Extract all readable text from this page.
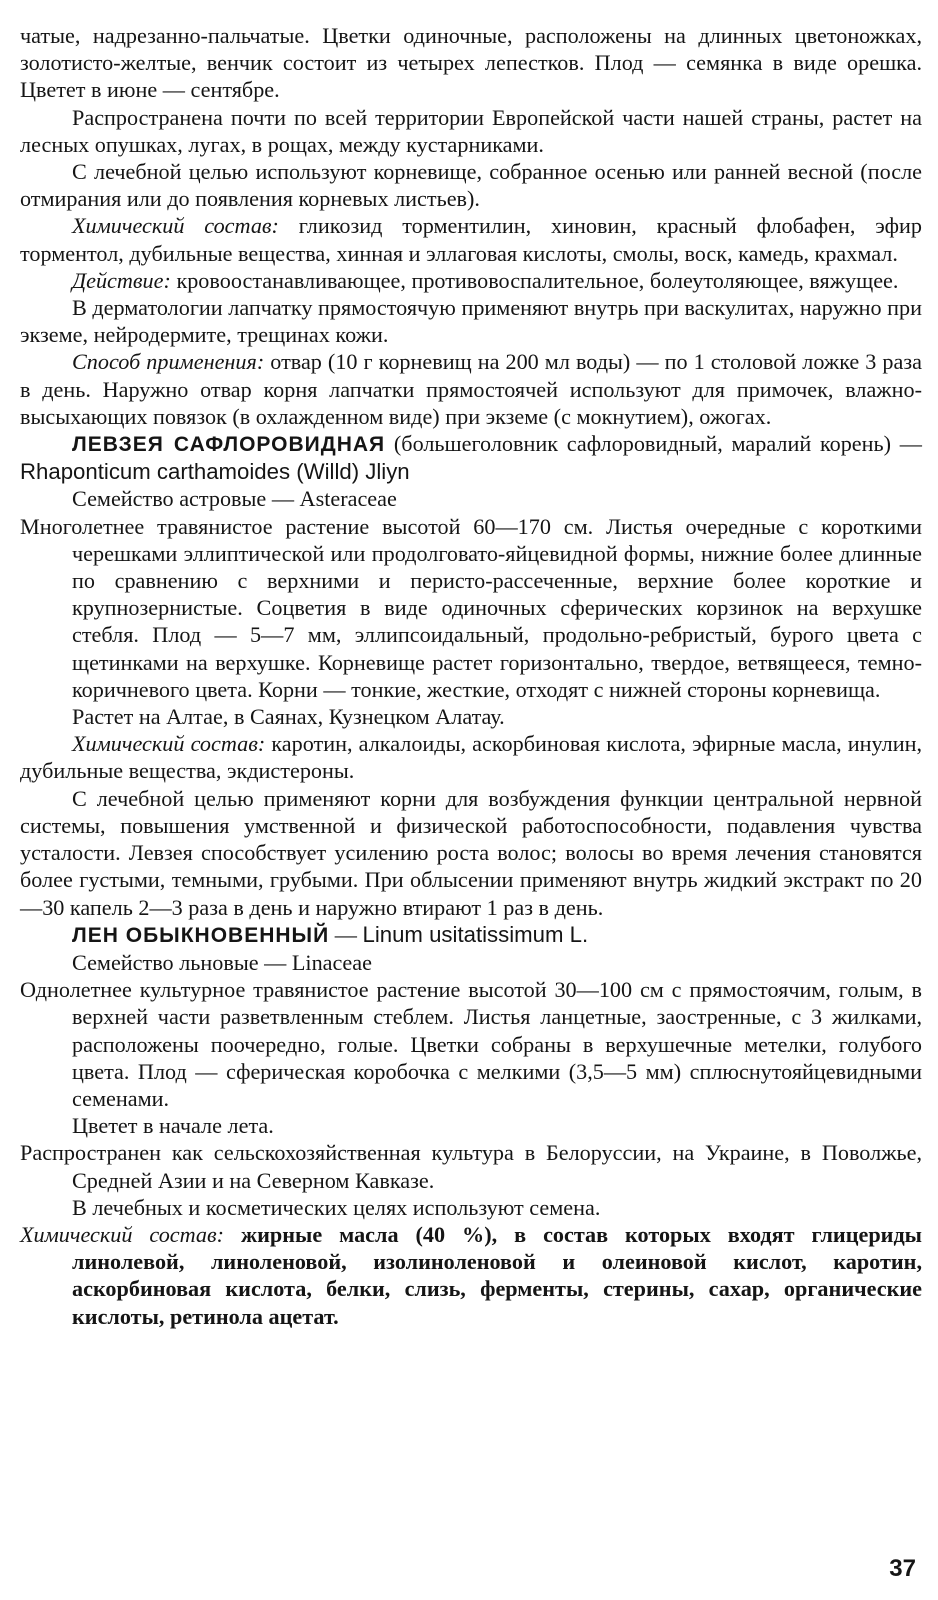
чатые, надрезанно-пальчатые. Цветки одиночные, расположены на длинных цветоножках, золотисто-желтые, венчик состоит из четырех лепестков. Плод — семянка в виде орешка. Цветет в июне — сентябре.

Распространена почти по всей территории Европейской части нашей страны, растет на лесных опушках, лугах, в рощах, между кустарниками.

С лечебной целью используют корневище, собранное осенью или ранней весной (после отмирания или до появления корневых листьев).

Химический состав: гликозид торментилин, хиновин, красный флобафен, эфир торментол, дубильные вещества, хинная и эллаговая кислоты, смолы, воск, камедь, крахмал.

Действие: кровоостанавливающее, противовоспалительное, болеутоляющее, вяжущее.

В дерматологии лапчатку прямостоячую применяют внутрь при васкулитах, наружно при экземе, нейродермите, трещинах кожи.

Способ применения: отвар (10 г корневищ на 200 мл воды) — по 1 столовой ложке 3 раза в день. Наружно отвар корня лапчатки прямостоячей используют для примочек, влажно-высыхающих повязок (в охлажденном виде) при экземе (с мокнутием), ожогах.

ЛЕВЗЕЯ САФЛОРОВИДНАЯ (большеголовник сафлоровидный, маралий корень) — Rhaponticum carthamoides (Willd) Jliyn

Семейство астровые — Asteraceae

Многолетнее травянистое растение высотой 60—170 см. Листья очередные с короткими черешками эллиптической или продолговато-яйцевидной формы, нижние более длинные по сравнению с верхними и перисто-рассеченные, верхние более короткие и крупнозернистые. Соцветия в виде одиночных сферических корзинок на верхушке стебля. Плод — 5—7 мм, эллипсоидальный, продольно-ребристый, бурого цвета с щетинками на верхушке. Корневище растет горизонтально, твердое, ветвящееся, темно-коричневого цвета. Корни — тонкие, жесткие, отходят с нижней стороны корневища.

Растет на Алтае, в Саянах, Кузнецком Алатау.

Химический состав: каротин, алкалоиды, аскорбиновая кислота, эфирные масла, инулин, дубильные вещества, экдистероны.

С лечебной целью применяют корни для возбуждения функции центральной нервной системы, повышения умственной и физической работоспособности, подавления чувства усталости. Левзея способствует усилению роста волос; волосы во время лечения становятся более густыми, темными, грубыми. При облысении применяют внутрь жидкий экстракт по 20—30 капель 2—3 раза в день и наружно втирают 1 раз в день.

ЛЕН ОБЫКНОВЕННЫЙ — Linum usitatissimum L.

Семейство льновые — Linaceae

Однолетнее культурное травянистое растение высотой 30—100 см с прямостоячим, голым, в верхней части разветвленным стеблем. Листья ланцетные, заостренные, с 3 жилками, расположены поочередно, голые. Цветки собраны в верхушечные метелки, голубого цвета. Плод — сферическая коробочка с мелкими (3,5—5 мм) сплюснутояйцевидными семенами.

Цветет в начале лета.

Распространен как сельскохозяйственная культура в Белоруссии, на Украине, в Поволжье, Средней Азии и на Северном Кавказе.

В лечебных и косметических целях используют семена.

Химический состав: жирные масла (40 %), в состав которых входят глицериды линолевой, линоленовой, изолиноленовой и олеиновой кислот, каротин, аскорбиновая кислота, белки, слизь, ферменты, стерины, сахар, органические кислоты, ретинола ацетат.

37
